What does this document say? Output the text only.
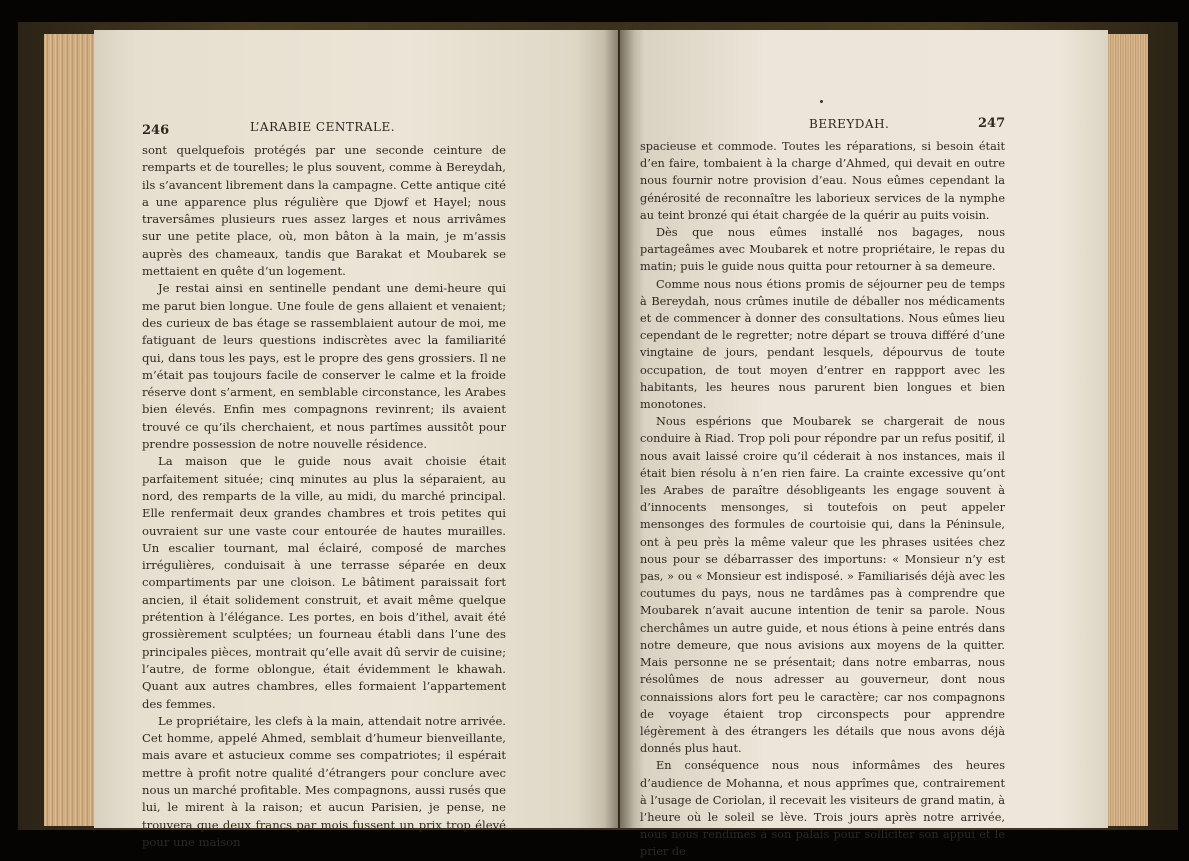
246	L’ARABIE CENTRALE.

sont quelquefois protégés par une seconde ceinture de remparts et de tourelles; le plus souvent, comme à Bereydah, ils s’avancent librement dans la campagne. Cette antique cité a une apparence plus régulière que Djowf et Hayel; nous traversâmes plusieurs rues assez larges et nous arrivâmes sur une petite place, où, mon bâton à la main, je m’assis auprès des chameaux, tandis que Barakat et Moubarek se mettaient en quête d’un logement.

Je restai ainsi en sentinelle pendant une demi-heure qui me parut bien longue. Une foule de gens allaient et venaient; des curieux de bas étage se rassemblaient autour de moi, me fatiguant de leurs questions indiscrètes avec la familiarité qui, dans tous les pays, est le propre des gens grossiers. Il ne m’était pas toujours facile de conserver le calme et la froide réserve dont s’arment, en semblable circonstance, les Arabes bien élevés. Enfin mes compagnons revinrent; ils avaient trouvé ce qu’ils cherchaient, et nous partîmes aussitôt pour prendre possession de notre nouvelle résidence.

La maison que le guide nous avait choisie était parfaitement située; cinq minutes au plus la séparaient, au nord, des remparts de la ville, au midi, du marché principal. Elle renfermait deux grandes chambres et trois petites qui ouvraient sur une vaste cour entourée de hautes murailles. Un escalier tournant, mal éclairé, composé de marches irrégulières, conduisait à une terrasse séparée en deux compartiments par une cloison. Le bâtiment paraissait fort ancien, il était solidement construit, et avait même quelque prétention à l’élégance. Les portes, en bois d’ithel, avait été grossièrement sculptées; un fourneau établi dans l’une des principales pièces, montrait qu’elle avait dû servir de cuisine; l’autre, de forme oblongue, était évidemment le khawah. Quant aux autres chambres, elles formaient l’appartement des femmes.

Le propriétaire, les clefs à la main, attendait notre arrivée. Cet homme, appelé Ahmed, semblait d’humeur bienveillante, mais avare et astucieux comme ses compatriotes; il espérait mettre à profit notre qualité d’étrangers pour conclure avec nous un marché profitable. Mes compagnons, aussi rusés que lui, le mirent à la raison; et aucun Parisien, je pense, ne trouvera que deux francs par mois fussent un prix trop élevé pour une maison

BEREYDAH.	247

spacieuse et commode. Toutes les réparations, si besoin était d’en faire, tombaient à la charge d’Ahmed, qui devait en outre nous fournir notre provision d’eau. Nous eûmes cependant la générosité de reconnaître les laborieux services de la nymphe au teint bronzé qui était chargée de la quérir au puits voisin.

Dès que nous eûmes installé nos bagages, nous partageâmes avec Moubarek et notre propriétaire, le repas du matin; puis le guide nous quitta pour retourner à sa demeure.

Comme nous nous étions promis de séjourner peu de temps à Bereydah, nous crûmes inutile de déballer nos médicaments et de commencer à donner des consultations. Nous eûmes lieu cependant de le regretter; notre départ se trouva différé d’une vingtaine de jours, pendant lesquels, dépourvus de toute occupation, de tout moyen d’entrer en rappport avec les habitants, les heures nous parurent bien longues et bien monotones.

Nous espérions que Moubarek se chargerait de nous conduire à Riad. Trop poli pour répondre par un refus positif, il nous avait laissé croire qu’il céderait à nos instances, mais il était bien résolu à n’en rien faire. La crainte excessive qu’ont les Arabes de paraître désobligeants les engage souvent à d’innocents mensonges, si toutefois on peut appeler mensonges des formules de courtoisie qui, dans la Péninsule, ont à peu près la même valeur que les phrases usitées chez nous pour se débarrasser des importuns: « Monsieur n’y est pas, » ou « Monsieur est indisposé. » Familiarisés déjà avec les coutumes du pays, nous ne tardâmes pas à comprendre que Moubarek n’avait aucune intention de tenir sa parole. Nous cherchâmes un autre guide, et nous étions à peine entrés dans notre demeure, que nous avisions aux moyens de la quitter. Mais personne ne se présentait; dans notre embarras, nous résolûmes de nous adresser au gouverneur, dont nous connaissions alors fort peu le caractère; car nos compagnons de voyage étaient trop circonspects pour apprendre légèrement à des étrangers les détails que nous avons déjà donnés plus haut.

En conséquence nous nous informâmes des heures d’audience de Mohanna, et nous apprîmes que, contrairement à l’usage de Coriolan, il recevait les visiteurs de grand matin, à l’heure où le soleil se lève. Trois jours après notre arrivée, nous nous rendîmes à son palais pour solliciter son appui et le prier de
